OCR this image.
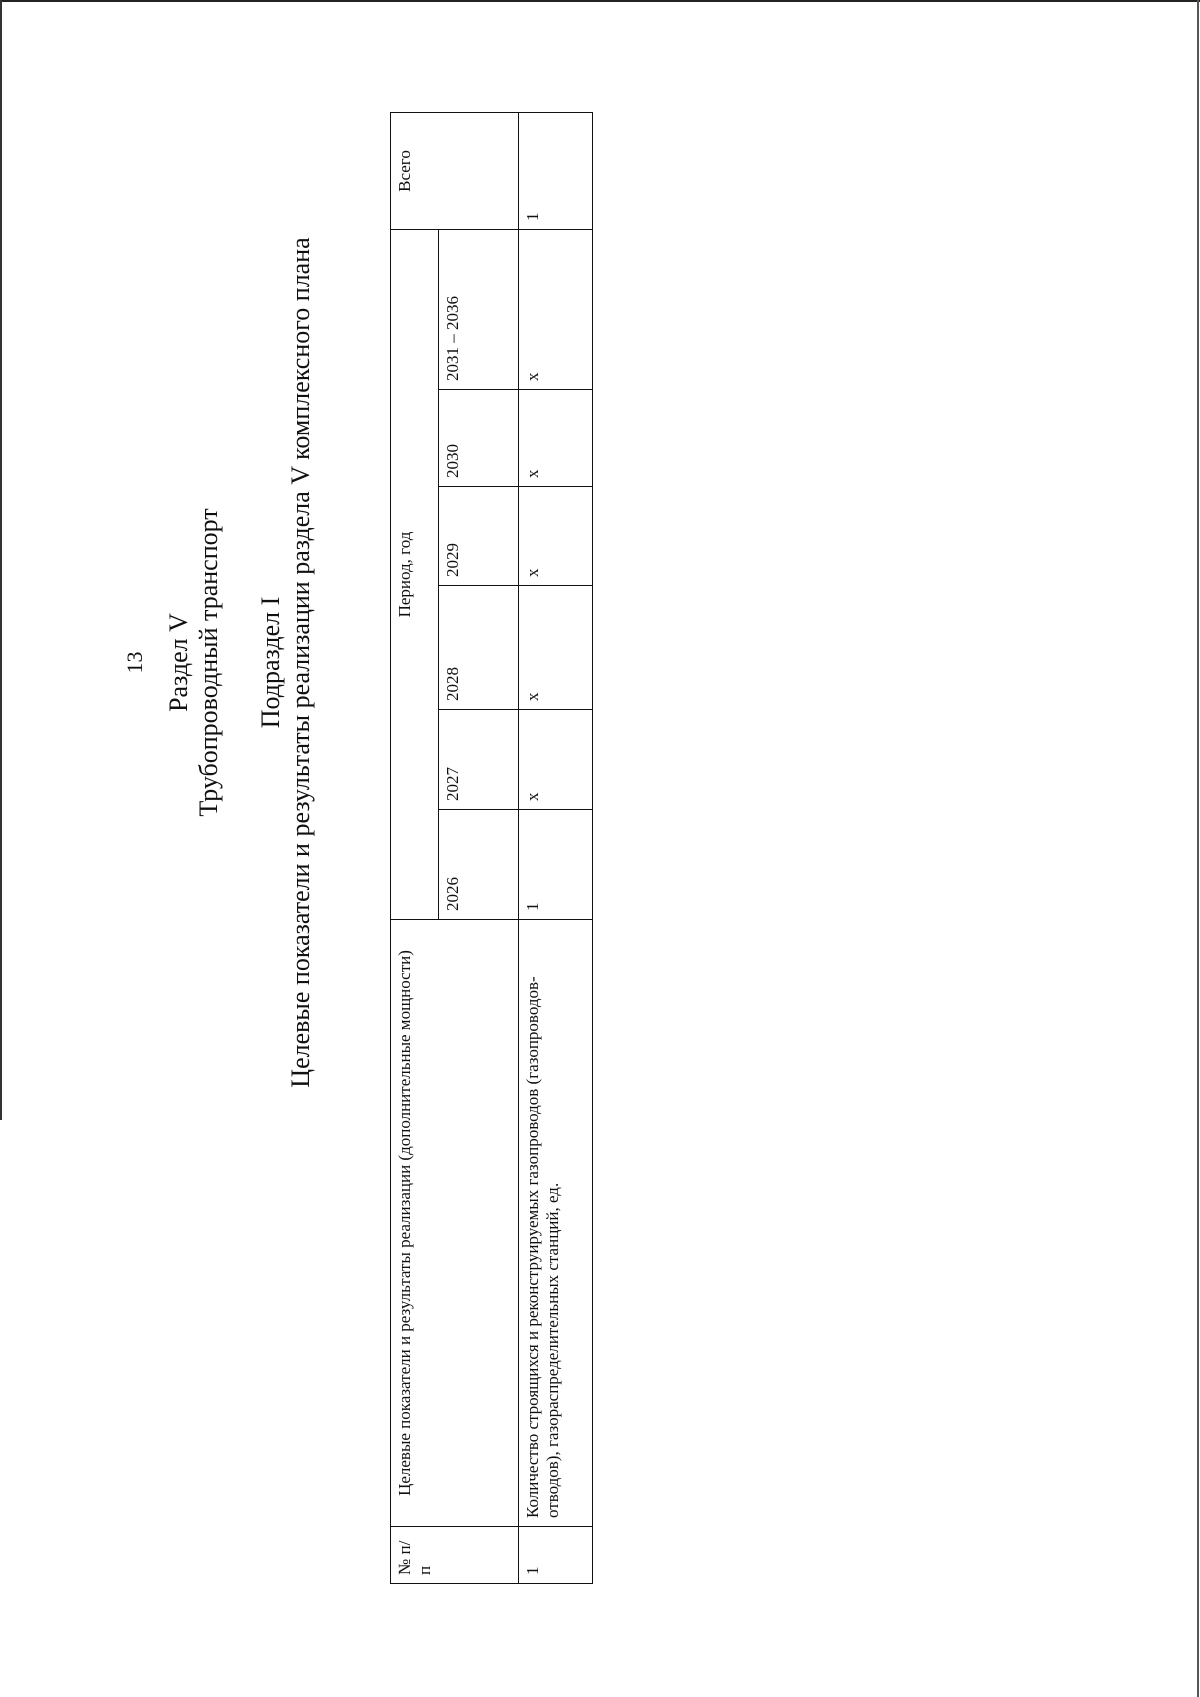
13 Раздел V Трубопроводный транспорт Подраздел I Целевые показатели и результаты реализации раздела V комплексного плана
№ п/п	Целевые показатели и результаты реализации (дополнительные мощности)	Период, год						Всего
		2026	2027	2028	2029	2030	2031 – 2036	
1	Количество строящихся и реконструируемых газопроводов (газопроводов-отводов), газораспределительных станций, ед.	1	х	х	х	х	х	1
